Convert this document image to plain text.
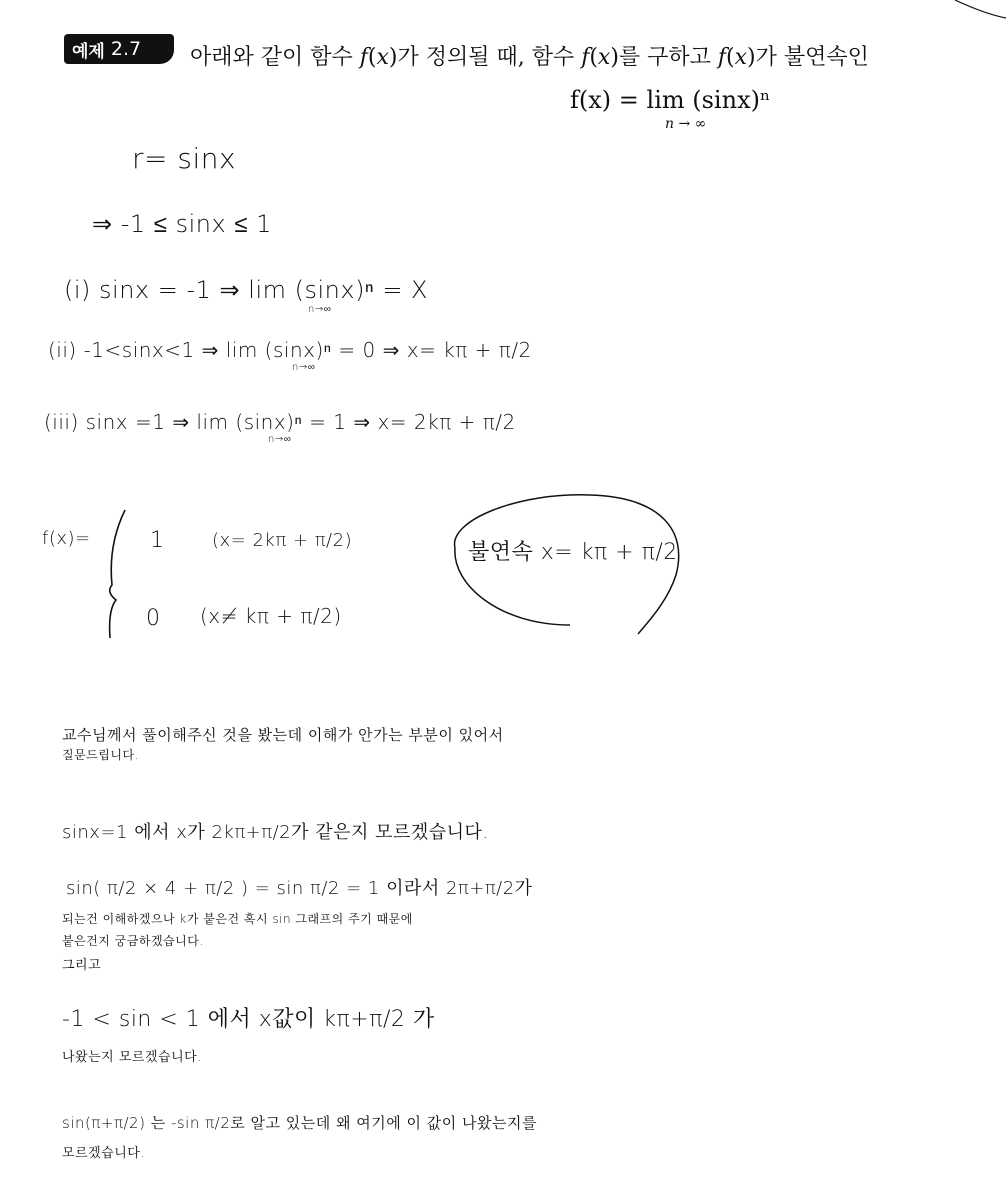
예제 2.7 아래와 같이 함수 𝑓(𝑥)가 정의될 때, 함수 𝑓(𝑥)를 구하고 𝑓(𝑥)가 불연속인
f(x) = lim (sinx)ⁿ
n → ∞
r= sinx
⇒ -1 ≤ sinx ≤ 1
(i) sinx = -1 ⇒ lim (sinx)ⁿ = X
n→∞
(ii) -1<sinx<1 ⇒ lim (sinx)ⁿ = 0 ⇒ x= kπ + π/2
n→∞
(iii) sinx =1 ⇒ lim (sinx)ⁿ = 1 ⇒ x= 2kπ + π/2
n→∞
f(x)=	1	(x= 2kπ + π/2)
0 (x≠ kπ + π/2)
불연속 x= kπ + π/2
교수님께서 풀이해주신 것을 봤는데 이해가 안가는 부분이 있어서
질문드립니다.
sinx=1 에서 x가 2kπ+π/2가 같은지 모르겠습니다.
sin( π/2 × 4 + π/2 ) = sin π/2 = 1 이라서 2π+π/2가
되는건 이해하겠으나 k가 붙은건 혹시 sin 그래프의 주기 때문에
붙은건지 궁금하겠습니다.
그리고
-1 < sin < 1 에서 x값이 kπ+π/2 가
나왔는지 모르겠습니다.
sin(π+π/2) 는 -sin π/2로 알고 있는데 왜 여기에 이 값이 나왔는지를
모르겠습니다.
